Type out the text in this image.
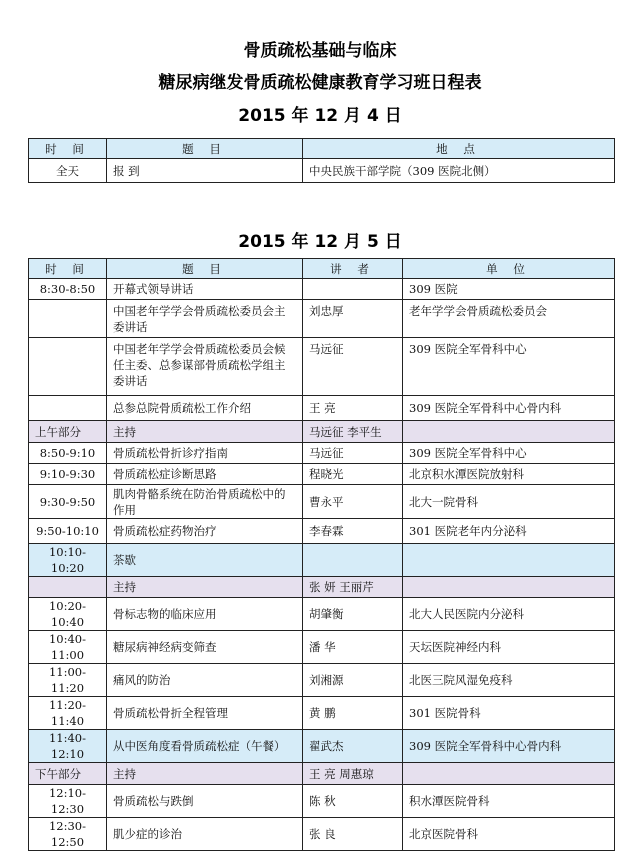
骨质疏松基础与临床
糖尿病继发骨质疏松健康教育学习班日程表
2015 年 12 月 4 日
时 间	题 目	地 点
全天	报 到	中央民族干部学院（309 医院北侧）
2015 年 12 月 5 日
时 间	题 目	讲 者	单 位
8:30-8:50	开幕式领导讲话		309 医院
	中国老年学学会骨质疏松委员会主委讲话	刘忠厚	老年学学会骨质疏松委员会
	中国老年学学会骨质疏松委员会候任主委、总参谋部骨质疏松学组主委讲话	马远征	309 医院全军骨科中心
	总参总院骨质疏松工作介绍	王 亮	309 医院全军骨科中心骨内科
上午部分	主持	马远征 李平生	
8:50-9:10	骨质疏松骨折诊疗指南	马远征	309 医院全军骨科中心
9:10-9:30	骨质疏松症诊断思路	程晓光	北京积水潭医院放射科
9:30-9:50	肌肉骨骼系统在防治骨质疏松中的作用	曹永平	北大一院骨科
9:50-10:10	骨质疏松症药物治疗	李春霖	301 医院老年内分泌科
10:10-10:20	茶歇		
	主持	张 妍 王丽芹	
10:20-10:40	骨标志物的临床应用	胡肇衡	北大人民医院内分泌科
10:40-11:00	糖尿病神经病变筛查	潘 华	天坛医院神经内科
11:00-11:20	痛风的防治	刘湘源	北医三院风湿免疫科
11:20-11:40	骨质疏松骨折全程管理	黄 鹏	301 医院骨科
11:40-12:10	从中医角度看骨质疏松症（午餐）	翟武杰	309 医院全军骨科中心骨内科
下午部分	主持	王 亮 周惠琼	
12:10-12:30	骨质疏松与跌倒	陈 秋	积水潭医院骨科
12:30-12:50	肌少症的诊治	张 良	北京医院骨科
